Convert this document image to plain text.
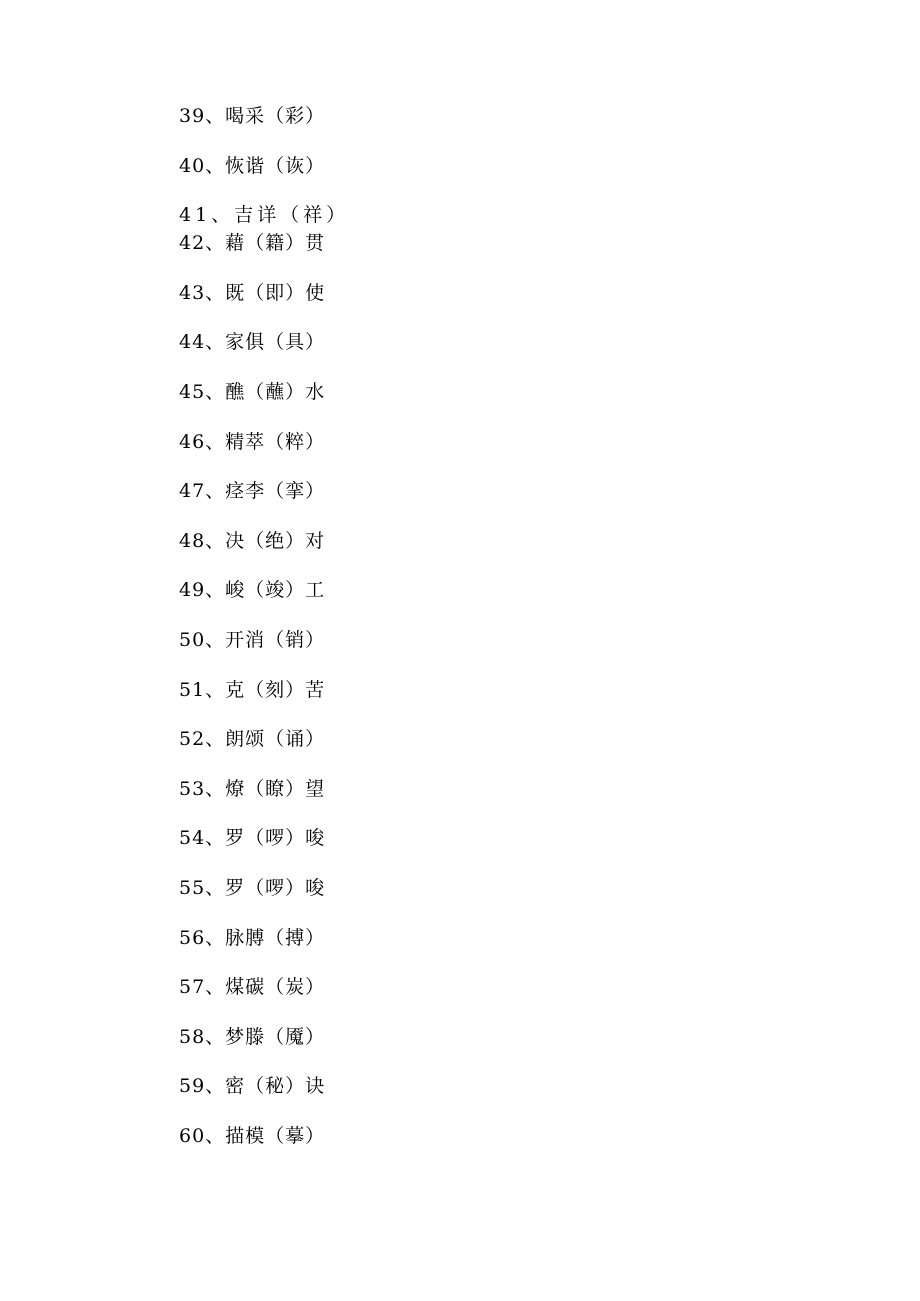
39、喝采（彩）
40、恢谐（诙）
41、吉详（祥）
42、藉（籍）贯
43、既（即）使
44、家俱（具）
45、醮（蘸）水
46、精萃（粹）
47、痉李（挛）
48、决（绝）对
49、峻（竣）工
50、开消（销）
51、克（刻）苦
52、朗颂（诵）
53、燎（瞭）望
54、罗（啰）唆
55、罗（啰）唆
56、脉膊（搏）
57、煤碳（炭）
58、梦滕（魇）
59、密（秘）诀
60、描模（摹）
